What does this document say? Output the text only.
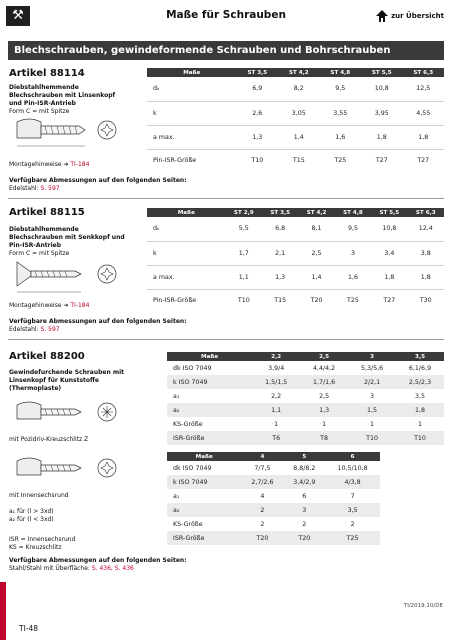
⚒	Maße für Schrauben	zur Übersicht
Blechschrauben, gewindeformende Schrauben und Bohrschrauben
Artikel 88114
Diebstahlhemmende Blechschrauben mit Linsenkopf und Pin-ISR-Antrieb
Form C = mit Spitze
Montagehinweise ➔ TI-184
Maße	ST 3,5	ST 4,2	ST 4,8	ST 5,5	ST 6,3
dₖ	6,9	8,2	9,5	10,8	12,5
k	2,6	3,05	3,55	3,95	4,55
a max.	1,3	1,4	1,6	1,8	1,8
Pin-ISR-Größe	T10	T15	T25	T27	T27
Verfügbare Abmessungen auf den folgenden Seiten:
Edelstahl: S. 597
Artikel 88115
Diebstahlhemmende Blechschrauben mit Senkkopf und Pin-ISR-Antrieb
Form C = mit Spitze
Montagehinweise ➔ TI-184
Maße	ST 2,9	ST 3,5	ST 4,2	ST 4,8	ST 5,5	ST 6,3
dₖ	5,5	6,8	8,1	9,5	10,8	12,4
k	1,7	2,1	2,5	3	3,4	3,8
a max.	1,1	1,3	1,4	1,6	1,8	1,8
Pin-ISR-Größe	T10	T15	T20	T25	T27	T30
Verfügbare Abmessungen auf den folgenden Seiten:
Edelstahl: S. 597
Artikel 88200
Gewindefurchende Schrauben mit Linsenkopf für Kunststoffe (Thermoplaste)
mit Pozidriv-Kreuzschlitz Z
mit Innensechsrund
a₁ für (l > 3xd)
a₂ für (l < 3xd)
ISR = Innensechsrund
KS = Kreuzschlitz
Maße	2,2	2,5	3	3,5
dk ISO 7049	3,9/4	4,4/4,2	5,3/5,6	6,1/6,9
k ISO 7049	1,5/1,5	1,7/1,6	2/2,1	2,5/2,3
a₁	2,2	2,5	3	3,5
a₂	1,1	1,3	1,5	1,8
KS-Größe	1	1	1	1
ISR-Größe	T6	T8	T10	T10
Maße	4	5	6
dk ISO 7049	7/7,5	8,8/8,2	10,5/10,8
k ISO 7049	2,7/2,6	3,4/2,9	4/3,8
a₁	4	6	7
a₂	2	3	3,5
KS-Größe	2	2	2
ISR-Größe	T20	T20	T25
Verfügbare Abmessungen auf den folgenden Seiten:
Stahl/Stahl mit Überfläche: S. 436, S. 436
TI/2019.10/DE
TI-48
